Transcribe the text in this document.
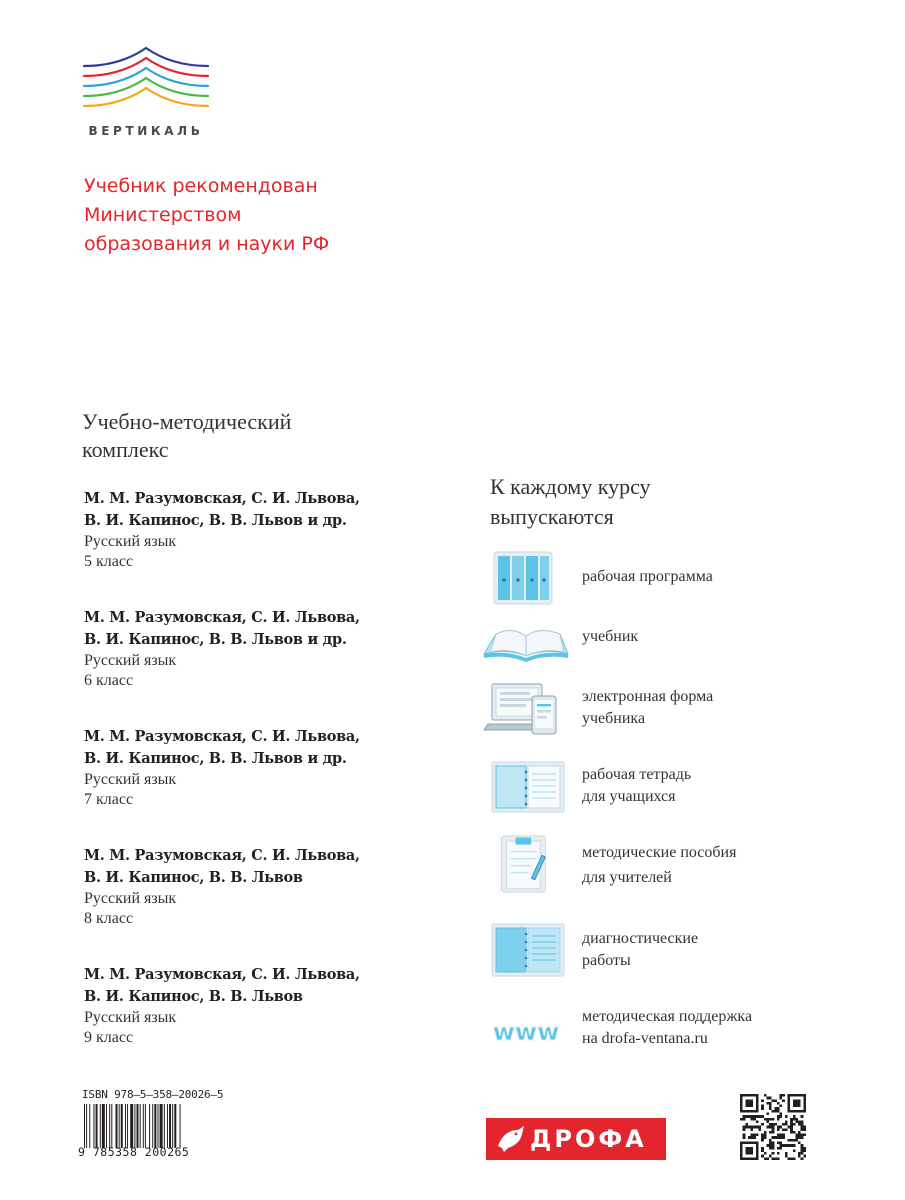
ВЕРТИКАЛЬ
Учебник рекомендован
Министерством
образования и науки РФ
Учебно-методический
комплекс
М. М. Разумовская, С. И. Львова,
В. И. Капинос, В. В. Львов и др.
Русский язык
5 класс
М. М. Разумовская, С. И. Львова,
В. И. Капинос, В. В. Львов и др.
Русский язык
6 класс
М. М. Разумовская, С. И. Львова,
В. И. Капинос, В. В. Львов и др.
Русский язык
7 класс
М. М. Разумовская, С. И. Львова,
В. И. Капинос, В. В. Львов
Русский язык
8 класс
М. М. Разумовская, С. И. Львова,
В. И. Капинос, В. В. Львов
Русский язык
9 класс
К каждому курсу
выпускаются
рабочая программа
учебник
электронная форма
учебника
рабочая тетрадь
для учащихся
методические пособия
для учителей
диагностические
работы
www
методическая поддержка
на drofa-ventana.ru
ISBN 978–5–358–20026–5
9 785358 200265	ДРОФА
